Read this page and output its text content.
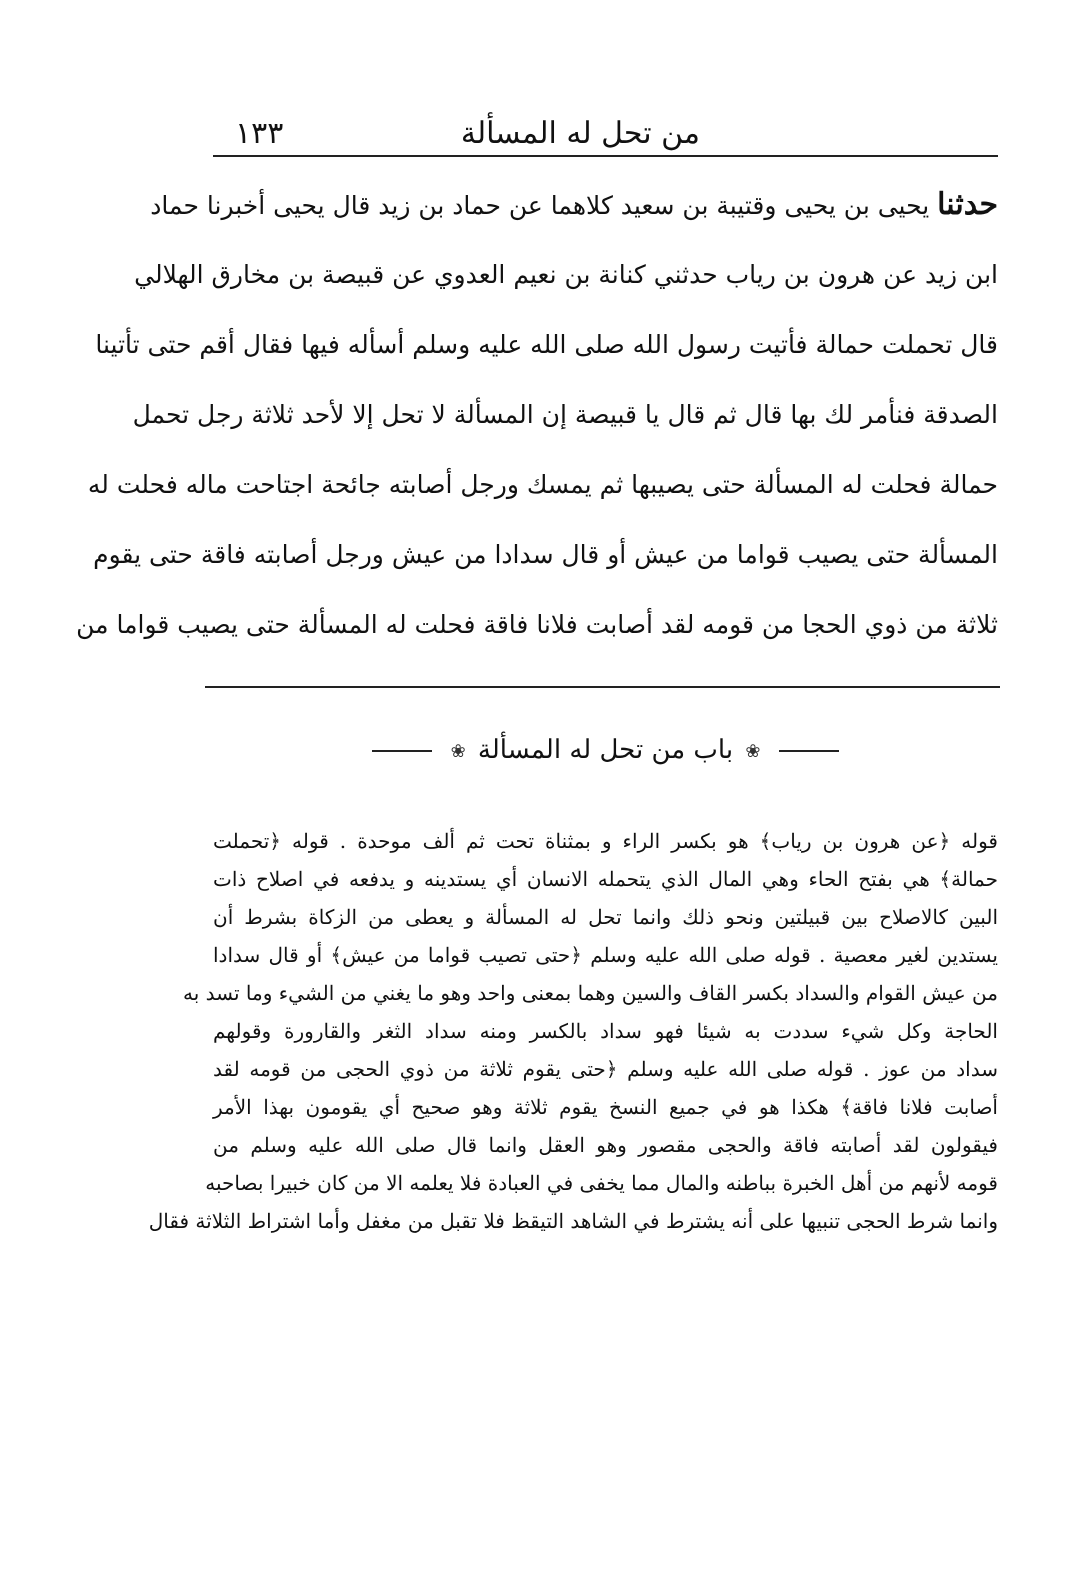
من تحل له المسألة
١٣٣
حدثنا يحيى بن يحيى وقتيبة بن سعيد كلاهما عن حماد بن زيد قال يحيى أخبرنا حماد
ابن زيد عن هرون بن رياب حدثني كنانة بن نعيم العدوي عن قبيصة بن مخارق الهلالي
قال تحملت حمالة فأتيت رسول الله صلى الله عليه وسلم أسأله فيها فقال أقم حتى تأتينا
الصدقة فنأمر لك بها قال ثم قال يا قبيصة إن المسألة لا تحل إلا لأحد ثلاثة رجل تحمل
حمالة فحلت له المسألة حتى يصيبها ثم يمسك ورجل أصابته جائحة اجتاحت ماله فحلت له
المسألة حتى يصيب قواما من عيش أو قال سدادا من عيش ورجل أصابته فاقة حتى يقوم
ثلاثة من ذوي الحجا من قومه لقد أصابت فلانا فاقة فحلت له المسألة حتى يصيب قواما من
❀ باب من تحل له المسألة ❀
قوله ﴿عن هرون بن رياب﴾ هو بكسر الراء و بمثناة تحت ثم ألف موحدة . قوله ﴿تحملت
حمالة﴾ هي بفتح الحاء وهي المال الذي يتحمله الانسان أي يستدينه و يدفعه في اصلاح ذات
البين كالاصلاح بين قبيلتين ونحو ذلك وانما تحل له المسألة و يعطى من الزكاة بشرط أن
يستدين لغير معصية . قوله صلى الله عليه وسلم ﴿حتى تصيب قواما من عيش﴾ أو قال سدادا
من عيش القوام والسداد بكسر القاف والسين وهما بمعنى واحد وهو ما يغني من الشيء وما تسد به
الحاجة وكل شيء سددت به شيئا فهو سداد بالكسر ومنه سداد الثغر والقارورة وقولهم
سداد من عوز . قوله صلى الله عليه وسلم ﴿حتى يقوم ثلاثة من ذوي الحجى من قومه لقد
أصابت فلانا فاقة﴾ هكذا هو في جميع النسخ يقوم ثلاثة وهو صحيح أي يقومون بهذا الأمر
فيقولون لقد أصابته فاقة والحجى مقصور وهو العقل وانما قال صلى الله عليه وسلم من
قومه لأنهم من أهل الخبرة بباطنه والمال مما يخفى في العبادة فلا يعلمه الا من كان خبيرا بصاحبه
وانما شرط الحجى تنبيها على أنه يشترط في الشاهد التيقظ فلا تقبل من مغفل وأما اشتراط الثلاثة فقال
